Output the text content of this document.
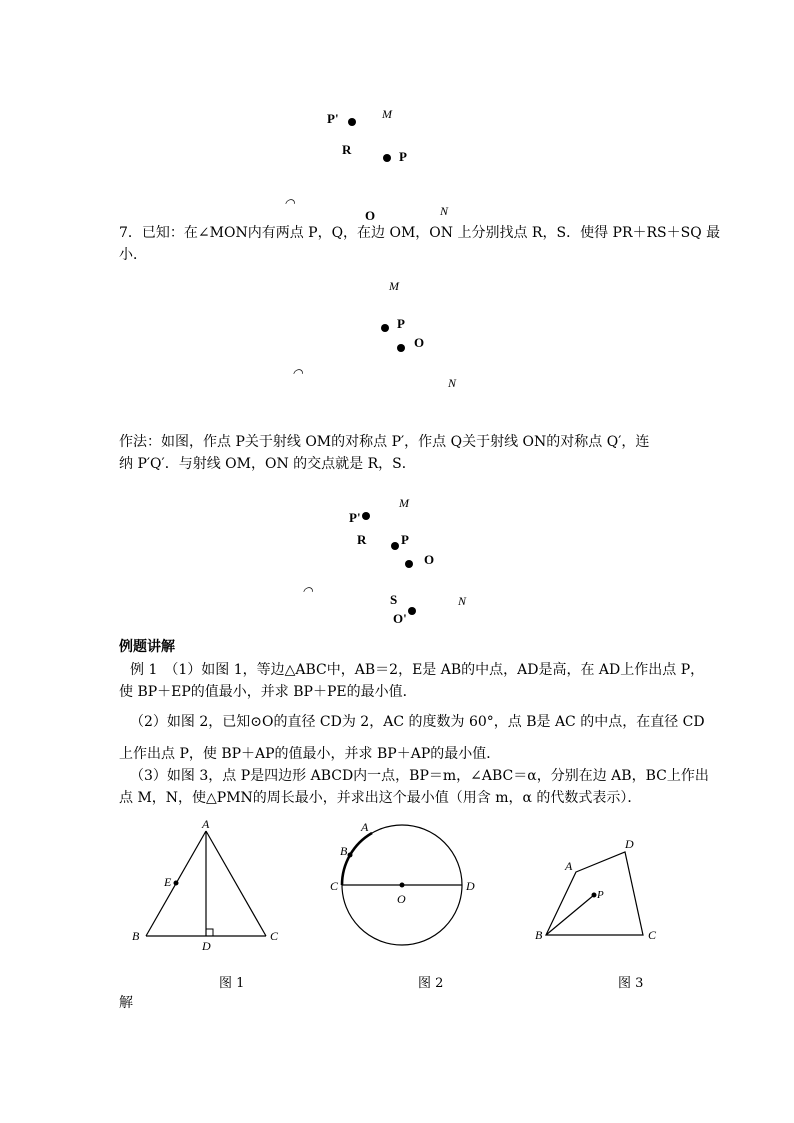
P'	M
R	P
◠
O	N
7．已知：在∠MON内有两点 P，Q，在边 OM，ON 上分别找点 R，S．使得 PR＋RS＋SQ 最
小．
M
P
O
◠
N
作法：如图，作点 P关于射线 OM的对称点 P′，作点 Q关于射线 ON的对称点 Q′，连
纳 P′Q′．与射线 OM，ON 的交点就是 R，S．
M
P'
R	P
O
◠
S	N
O'
例题讲解
例 1　（1）如图 1，等边△ABC中，AB＝2，E是 AB的中点，AD是高，在 AD上作出点 P，
使 BP＋EP的值最小，并求 BP＋PE的最小值．
（2）如图 2，已知⊙O的直径 CD为 2，AC 的度数为 60°，点 B是 AC 的中点，在直径 CD
上作出点 P，使 BP＋AP的值最小，并求 BP＋AP的最小值．
（3）如图 3，点 P是四边形 ABCD内一点，BP＝m，∠ABC＝α，分别在边 AB，BC上作出
点 M，N，使△PMN的周长最小，并求出这个最小值（用含 m，α 的代数式表示）．
A
E
B
D
C
图 1
A
B
C
O
D
图 2
A
D
P
B	C
图 3
解
